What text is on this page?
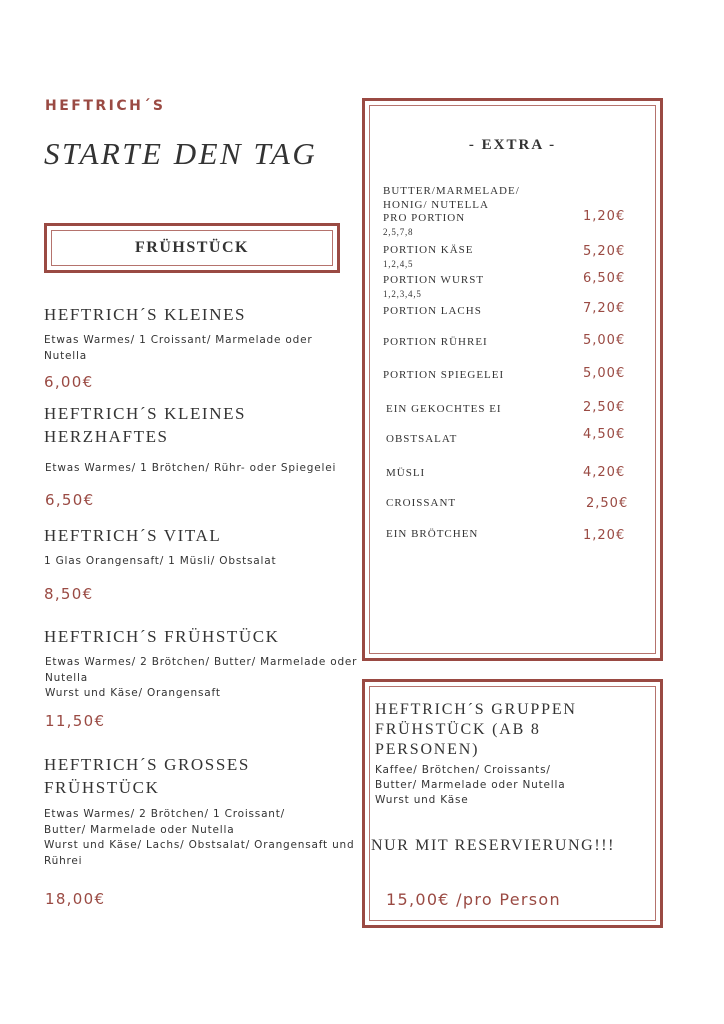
HEFTRICH´S
STARTE DEN TAG
FRÜHSTÜCK
HEFTRICH´S KLEINES
Etwas Warmes/ 1 Croissant/ Marmelade oder
Nutella
6,00€
HEFTRICH´S KLEINES
HERZHAFTES
Etwas Warmes/ 1 Brötchen/ Rühr- oder Spiegelei
6,50€
HEFTRICH´S VITAL
1 Glas Orangensaft/ 1 Müsli/ Obstsalat
8,50€
HEFTRICH´S FRÜHSTÜCK
Etwas Warmes/ 2 Brötchen/ Butter/ Marmelade oder
Nutella
Wurst und Käse/ Orangensaft
11,50€
HEFTRICH´S GROSSES
FRÜHSTÜCK
Etwas Warmes/ 2 Brötchen/ 1 Croissant/
Butter/ Marmelade oder Nutella
Wurst und Käse/ Lachs/ Obstsalat/ Orangensaft und
Rührei
18,00€
- EXTRA -
BUTTER/MARMELADE/
HONIG/ NUTELLA
PRO PORTION
2,5,7,8
1,20€
PORTION KÄSE
1,2,4,5
5,20€
PORTION WURST
1,2,3,4,5
6,50€
PORTION LACHS	7,20€
PORTION RÜHREI	5,00€
PORTION SPIEGELEI	5,00€
EIN GEKOCHTES EI	2,50€
OBSTSALAT	4,50€
MÜSLI	4,20€
CROISSANT	2,50€
EIN BRÖTCHEN	1,20€
HEFTRICH´S GRUPPEN
FRÜHSTÜCK (AB 8
PERSONEN)
Kaffee/ Brötchen/ Croissants/
Butter/ Marmelade oder Nutella
Wurst und Käse
NUR MIT RESERVIERUNG!!!
15,00€ /pro Person
